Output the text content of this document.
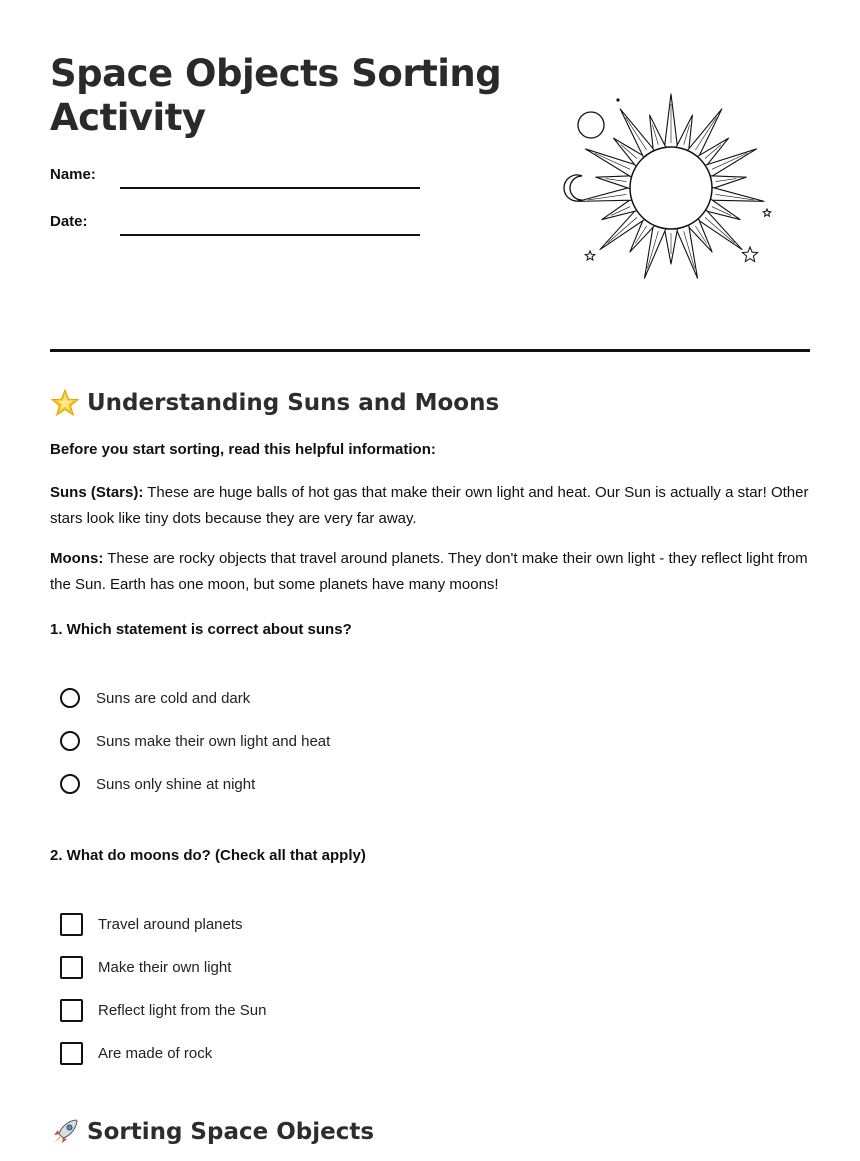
Space Objects Sorting Activity
Name:
Date:
Understanding Suns and Moons

Before you start sorting, read this helpful information:

Suns (Stars): These are huge balls of hot gas that make their own light and heat. Our Sun is actually a star! Other stars look like tiny dots because they are very far away.

Moons: These are rocky objects that travel around planets. They don't make their own light - they reflect light from the Sun. Earth has one moon, but some planets have many moons!

1. Which statement is correct about suns?

Suns are cold and dark
Suns make their own light and heat
Suns only shine at night

2. What do moons do? (Check all that apply)

Travel around planets
Make their own light
Reflect light from the Sun
Are made of rock
Sorting Space Objects
